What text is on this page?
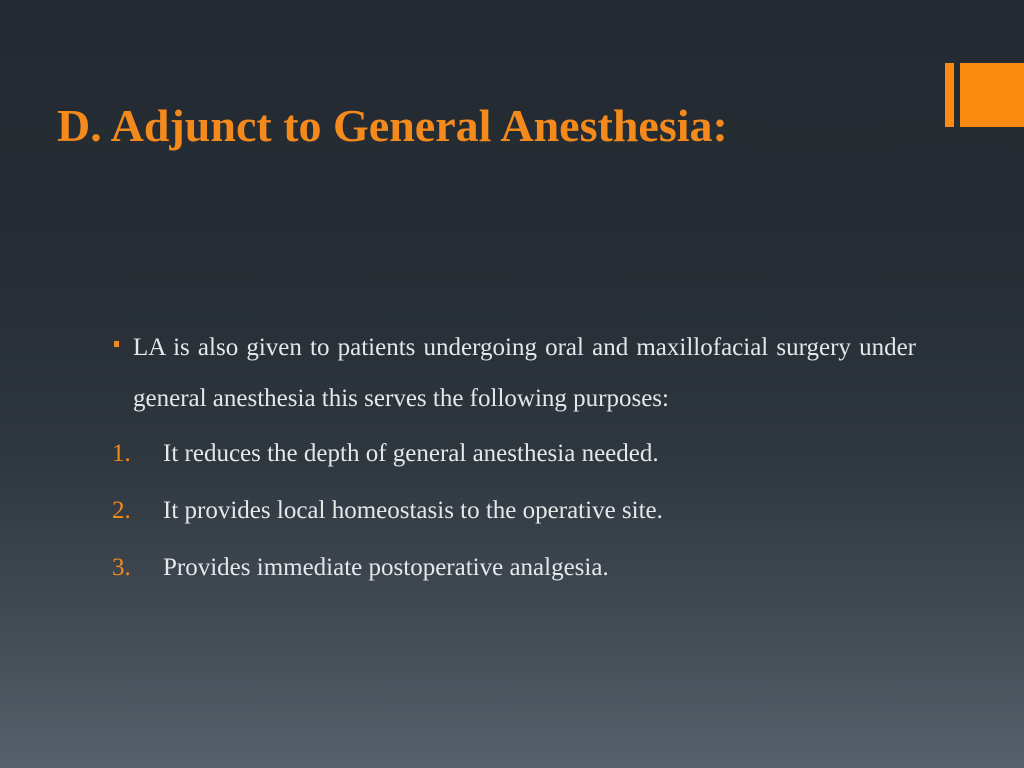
D. Adjunct to General Anesthesia:

LA is also given to patients undergoing oral and maxillofacial surgery under general anesthesia this serves the following purposes:

1. It reduces the depth of general anesthesia needed.
2. It provides local homeostasis to the operative site.
3. Provides immediate postoperative analgesia.
